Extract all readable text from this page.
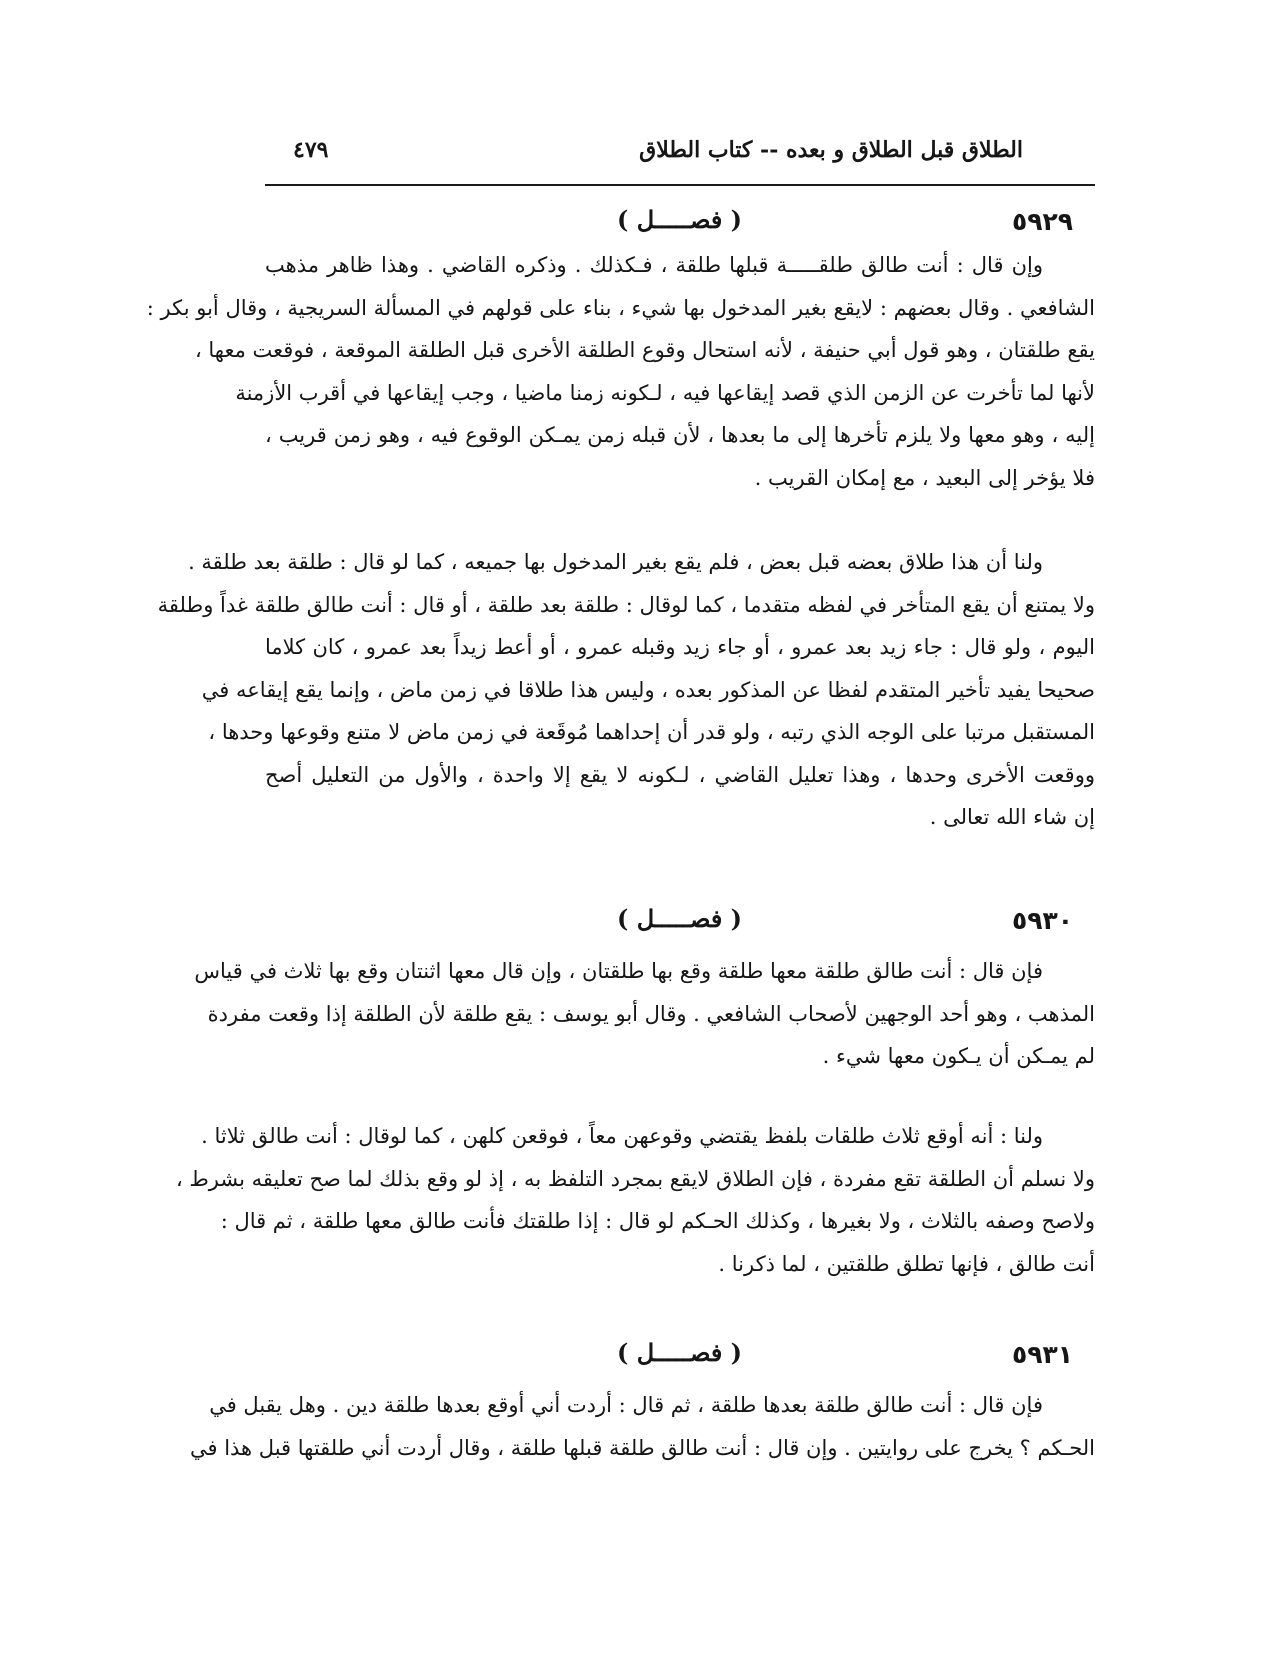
الطلاق قبل الطلاق و بعده -- كتاب الطلاق
٤٧٩
٥٩٢٩
( فصـــــل )
وإن قال : أنت طالق طلقـــــة قبلها طلقة ، فـكذلك . وذكره القاضي . وهذا ظاهر مذهب
الشافعي . وقال بعضهم : لايقع بغير المدخول بها شيء ، بناء على قولهم في المسألة السريجية ، وقال أبو بكر :
يقع طلقتان ، وهو قول أبي حنيفة ، لأنه استحال وقوع الطلقة الأخرى قبل الطلقة الموقعة ، فوقعت معها ،
لأنها لما تأخرت عن الزمن الذي قصد إيقاعها فيه ، لـكونه زمنا ماضيا ، وجب إيقاعها في أقرب الأزمنة
إليه ، وهو معها ولا يلزم تأخرها إلى ما بعدها ، لأن قبله زمن يمـكن الوقوع فيه ، وهو زمن قريب ،
فلا يؤخر إلى البعيد ، مع إمكان القريب .
ولنا أن هذا طلاق بعضه قبل بعض ، فلم يقع بغير المدخول بها جميعه ، كما لو قال : طلقة بعد طلقة .
ولا يمتنع أن يقع المتأخر في لفظه متقدما ، كما لوقال : طلقة بعد طلقة ، أو قال : أنت طالق طلقة غداً وطلقة
اليوم ، ولو قال : جاء زيد بعد عمرو ، أو جاء زيد وقبله عمرو ، أو أعط زيداً بعد عمرو ، كان كلاما
صحيحا يفيد تأخير المتقدم لفظا عن المذكور بعده ، وليس هذا طلاقا في زمن ماض ، وإنما يقع إيقاعه في
المستقبل مرتبا على الوجه الذي رتبه ، ولو قدر أن إحداهما مُوقَعة في زمن ماض لا متنع وقوعها وحدها ،
ووقعت الأخرى وحدها ، وهذا تعليل القاضي ، لـكونه لا يقع إلا واحدة ، والأول من التعليل أصح
إن شاء الله تعالى .
٥٩٣٠
( فصـــــل )
فإن قال : أنت طالق طلقة معها طلقة وقع بها طلقتان ، وإن قال معها اثنتان وقع بها ثلاث في قياس
المذهب ، وهو أحد الوجهين لأصحاب الشافعي . وقال أبو يوسف : يقع طلقة لأن الطلقة إذا وقعت مفردة
لم يمـكن أن يـكون معها شيء .
ولنا : أنه أوقع ثلاث طلقات بلفظ يقتضي وقوعهن معاً ، فوقعن كلهن ، كما لوقال : أنت طالق ثلاثا .
ولا نسلم أن الطلقة تقع مفردة ، فإن الطلاق لايقع بمجرد التلفظ به ، إذ لو وقع بذلك لما صح تعليقه بشرط ،
ولاصح وصفه بالثلاث ، ولا بغيرها ، وكذلك الحـكم لو قال : إذا طلقتك فأنت طالق معها طلقة ، ثم قال :
أنت طالق ، فإنها تطلق طلقتين ، لما ذكرنا .
٥٩٣١
( فصـــــل )
فإن قال : أنت طالق طلقة بعدها طلقة ، ثم قال : أردت أني أوقع بعدها طلقة دين . وهل يقبل في
الحـكم ؟ يخرج على روايتين . وإن قال : أنت طالق طلقة قبلها طلقة ، وقال أردت أني طلقتها قبل هذا في
